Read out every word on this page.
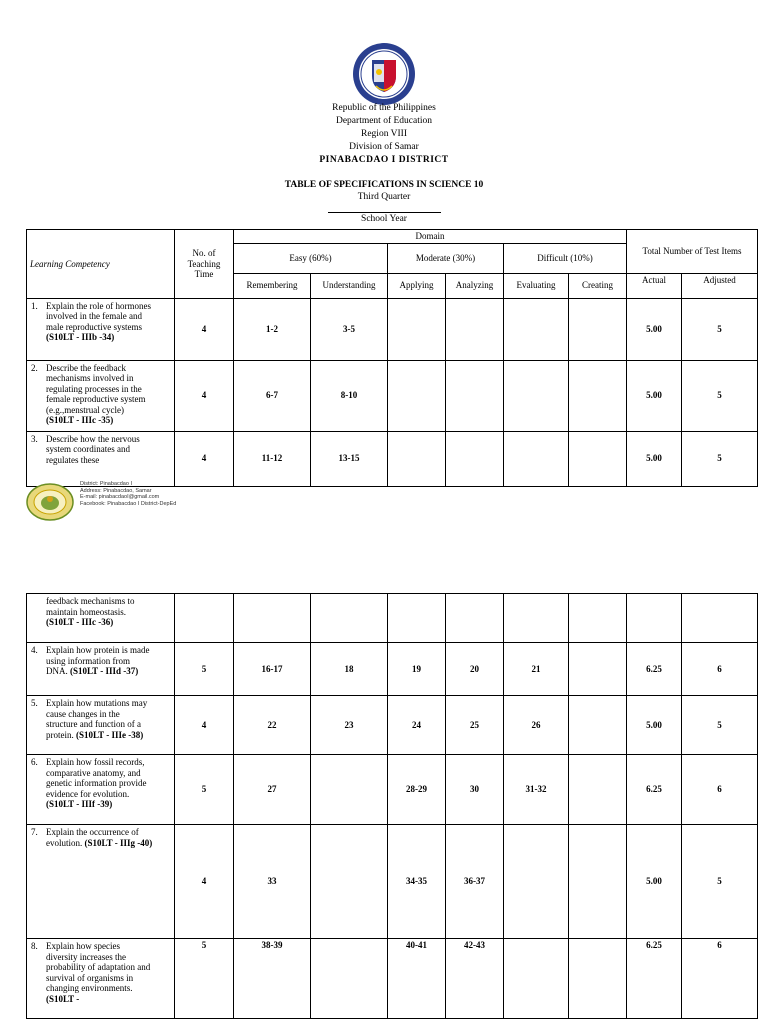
Republic of the Philippines
Department of Education
Region VIII
Division of Samar
PINABACDAO I DISTRICT
TABLE OF SPECIFICATIONS IN SCIENCE 10
Third Quarter
School Year
Learning Competency	No. of Teaching Time	Domain						Total Number of Test Items	
		Easy (60%)		Moderate (30%)		Difficult (10%)			
		Remembering	Understanding	Applying	Analyzing	Evaluating	Creating	Actual	Adjusted
1. Explain the role of hormones involved in the female and male reproductive systems (S10LT - IIIb -34)	4	1-2	3-5					5.00	5
2. Describe the feedback mechanisms involved in regulating processes in the female reproductive system (e.g.,menstrual cycle) (S10LT - IIIc -35)	4	6-7	8-10					5.00	5
3. Describe how the nervous system coordinates and regulates these	4	11-12	13-15					5.00	5
District: Pinabacdao I
Address: Pinabacdao, Samar
E-mail: pinabacdaoI@gmail.com
Facebook: Pinabacdao I District-DepEd
feedback mechanisms to maintain homeostasis. (S10LT - IIIc -36)									
4. Explain how protein is made using information from DNA. (S10LT - IIId -37)	5	16-17	18	19	20	21		6.25	6
5. Explain how mutations may cause changes in the structure and function of a protein. (S10LT - IIIe -38)	4	22	23	24	25	26		5.00	5
6. Explain how fossil records, comparative anatomy, and genetic information provide evidence for evolution. (S10LT - IIIf -39)	5	27		28-29	30	31-32		6.25	6
7. Explain the occurrence of evolution. (S10LT - IIIg -40)	4	33		34-35	36-37			5.00	5
8. Explain how species diversity increases the probability of adaptation and survival of organisms in changing environments. (S10LT -	5	38-39		40-41	42-43			6.25	6
